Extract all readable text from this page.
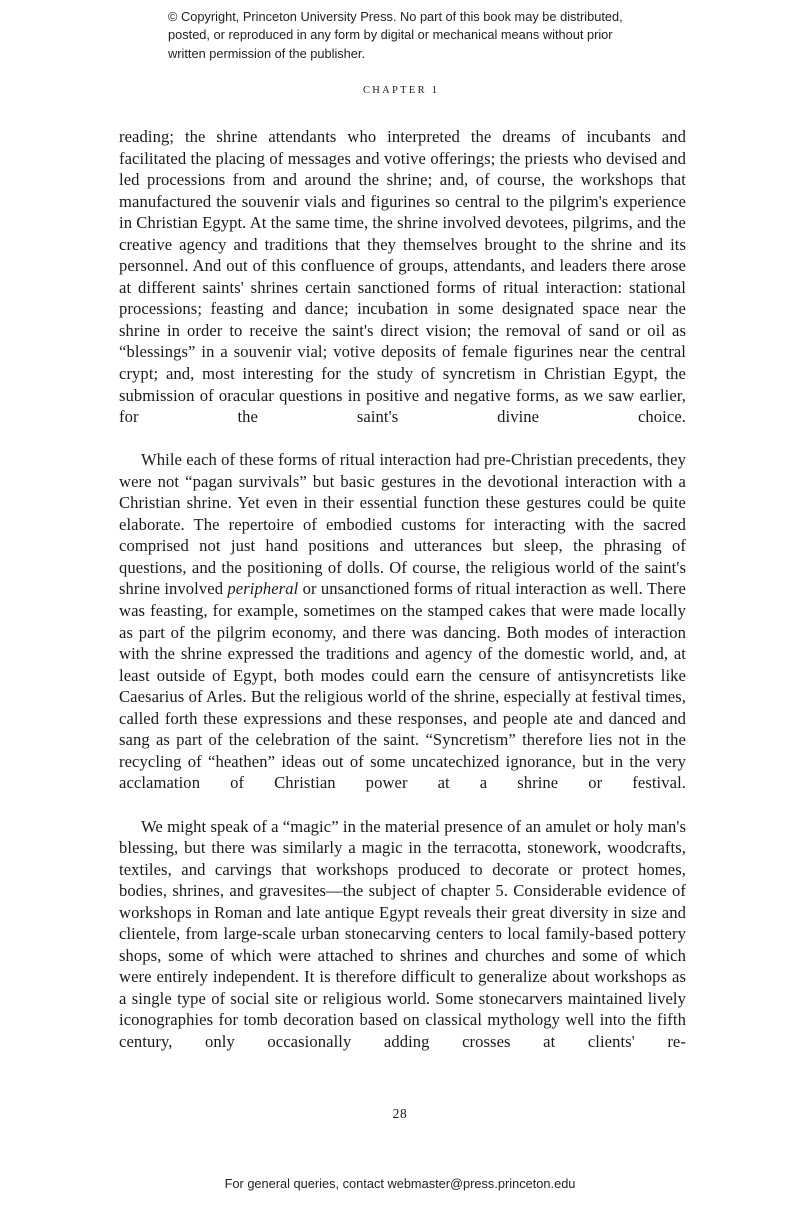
© Copyright, Princeton University Press. No part of this book may be distributed, posted, or reproduced in any form by digital or mechanical means without prior written permission of the publisher.
CHAPTER 1

reading; the shrine attendants who interpreted the dreams of incubants and facilitated the placing of messages and votive offerings; the priests who devised and led processions from and around the shrine; and, of course, the workshops that manufactured the souvenir vials and figurines so central to the pilgrim's experience in Christian Egypt. At the same time, the shrine involved devotees, pilgrims, and the creative agency and traditions that they themselves brought to the shrine and its personnel. And out of this confluence of groups, attendants, and leaders there arose at different saints' shrines certain sanctioned forms of ritual interaction: stational processions; feasting and dance; incubation in some designated space near the shrine in order to receive the saint's direct vision; the removal of sand or oil as “blessings” in a souvenir vial; votive deposits of female figurines near the central crypt; and, most interesting for the study of syncretism in Christian Egypt, the submission of oracular questions in positive and negative forms, as we saw earlier, for the saint's divine choice.

While each of these forms of ritual interaction had pre-Christian precedents, they were not “pagan survivals” but basic gestures in the devotional interaction with a Christian shrine. Yet even in their essential function these gestures could be quite elaborate. The repertoire of embodied customs for interacting with the sacred comprised not just hand positions and utterances but sleep, the phrasing of questions, and the positioning of dolls. Of course, the religious world of the saint's shrine involved peripheral or unsanctioned forms of ritual interaction as well. There was feasting, for example, sometimes on the stamped cakes that were made locally as part of the pilgrim economy, and there was dancing. Both modes of interaction with the shrine expressed the traditions and agency of the domestic world, and, at least outside of Egypt, both modes could earn the censure of antisyncretists like Caesarius of Arles. But the religious world of the shrine, especially at festival times, called forth these expressions and these responses, and people ate and danced and sang as part of the celebration of the saint. “Syncretism” therefore lies not in the recycling of “heathen” ideas out of some uncatechized ignorance, but in the very acclamation of Christian power at a shrine or festival.

We might speak of a “magic” in the material presence of an amulet or holy man's blessing, but there was similarly a magic in the terracotta, stonework, woodcrafts, textiles, and carvings that workshops produced to decorate or protect homes, bodies, shrines, and gravesites—the subject of chapter 5. Considerable evidence of workshops in Roman and late antique Egypt reveals their great diversity in size and clientele, from large-scale urban stonecarving centers to local family-based pottery shops, some of which were attached to shrines and churches and some of which were entirely independent. It is therefore difficult to generalize about workshops as a single type of social site or religious world. Some stonecarvers maintained lively iconographies for tomb decoration based on classical mythology well into the fifth century, only occasionally adding crosses at clients' re-

28
For general queries, contact webmaster@press.princeton.edu
